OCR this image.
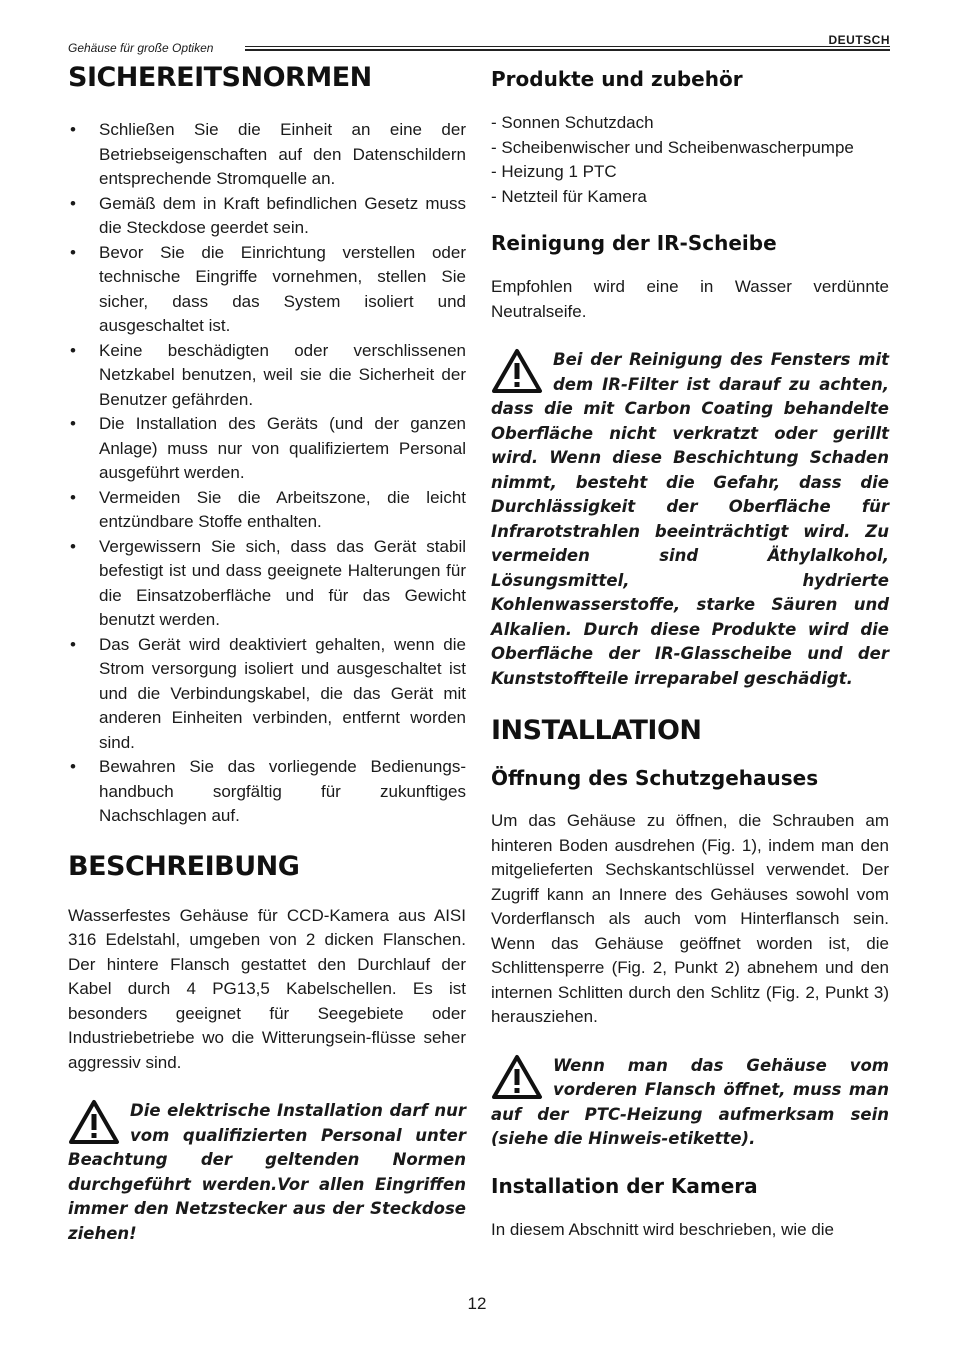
Gehäuse für große Optiken
DEUTSCH
SICHEREITSNORMEN
• Schließen Sie die Einheit an eine der Betriebseigenschaften auf den Datenschildern entsprechende Stromquelle an.
• Gemäß dem in Kraft befindlichen Gesetz muss die Steckdose geerdet sein.
• Bevor Sie die Einrichtung verstellen oder technische Eingriffe vornehmen, stellen Sie sicher, dass das System isoliert und ausgeschaltet ist.
• Keine beschädigten oder verschlissenen Netzkabel benutzen, weil sie die Sicherheit der Benutzer gefährden.
• Die Installation des Geräts (und der ganzen Anlage) muss nur von qualifiziertem Personal ausgeführt werden.
• Vermeiden Sie die Arbeitszone, die leicht entzündbare Stoffe enthalten.
• Vergewissern Sie sich, dass das Gerät stabil befestigt ist und dass geeignete Halterungen für die Einsatzoberfläche und für das Gewicht benutzt werden.
• Das Gerät wird deaktiviert gehalten, wenn die Strom versorgung isoliert und ausgeschaltet ist und die Verbindungskabel, die das Gerät mit anderen Einheiten verbinden, entfernt worden sind.
• Bewahren Sie das vorliegende Bedienungs-handbuch sorgfältig für zukunftiges Nachschlagen auf.
BESCHREIBUNG

Wasserfestes Gehäuse für CCD-Kamera aus AISI 316 Edelstahl, umgeben von 2 dicken Flanschen. Der hintere Flansch gestattet den Durchlauf der Kabel durch 4 PG13,5 Kabelschellen. Es ist besonders geeignet für Seegebiete oder Industriebetriebe wo die Witterungsein-flüsse seher aggressiv sind.

Die elektrische Installation darf nur vom qualifizierten Personal unter Beachtung der geltenden Normen durchgeführt werden.Vor allen Eingriffen immer den Netzstecker aus der Steckdose ziehen!

Produkte und zubehör
- Sonnen Schutzdach
- Scheibenwischer und Scheibenwascherpumpe
- Heizung 1 PTC
- Netzteil für Kamera
Reinigung der IR-Scheibe

Empfohlen wird eine in Wasser verdünnte Neutralseife.

Bei der Reinigung des Fensters mit dem IR-Filter ist darauf zu achten, dass die mit Carbon Coating behandelte Oberfläche nicht verkratzt oder gerillt wird. Wenn diese Beschichtung Schaden nimmt, besteht die Gefahr, dass die Durchlässigkeit der Oberfläche für Infrarotstrahlen beeinträchtigt wird. Zu vermeiden sind Äthylalkohol, Lösungsmittel, hydrierte Kohlenwasserstoffe, starke Säuren und Alkalien. Durch diese Produkte wird die Oberfläche der IR-Glasscheibe und der Kunststoffteile irreparabel geschädigt.

INSTALLATION
Öffnung des Schutzgehauses

Um das Gehäuse zu öffnen, die Schrauben am hinteren Boden ausdrehen (Fig. 1), indem man den mitgelieferten Sechskantschlüssel verwendet. Der Zugriff kann an Innere des Gehäuses sowohl vom Vorderflansch als auch vom Hinterflansch sein. Wenn das Gehäuse geöffnet worden ist, die Schlittensperre (Fig. 2, Punkt 2) abnehem und den internen Schlitten durch den Schlitz (Fig. 2, Punkt 3) herausziehen.

Wenn man das Gehäuse vom vorderen Flansch öffnet, muss man auf der PTC-Heizung aufmerksam sein (siehe die Hinweis-etikette).

Installation der Kamera

In diesem Abschnitt wird beschrieben, wie die

12
